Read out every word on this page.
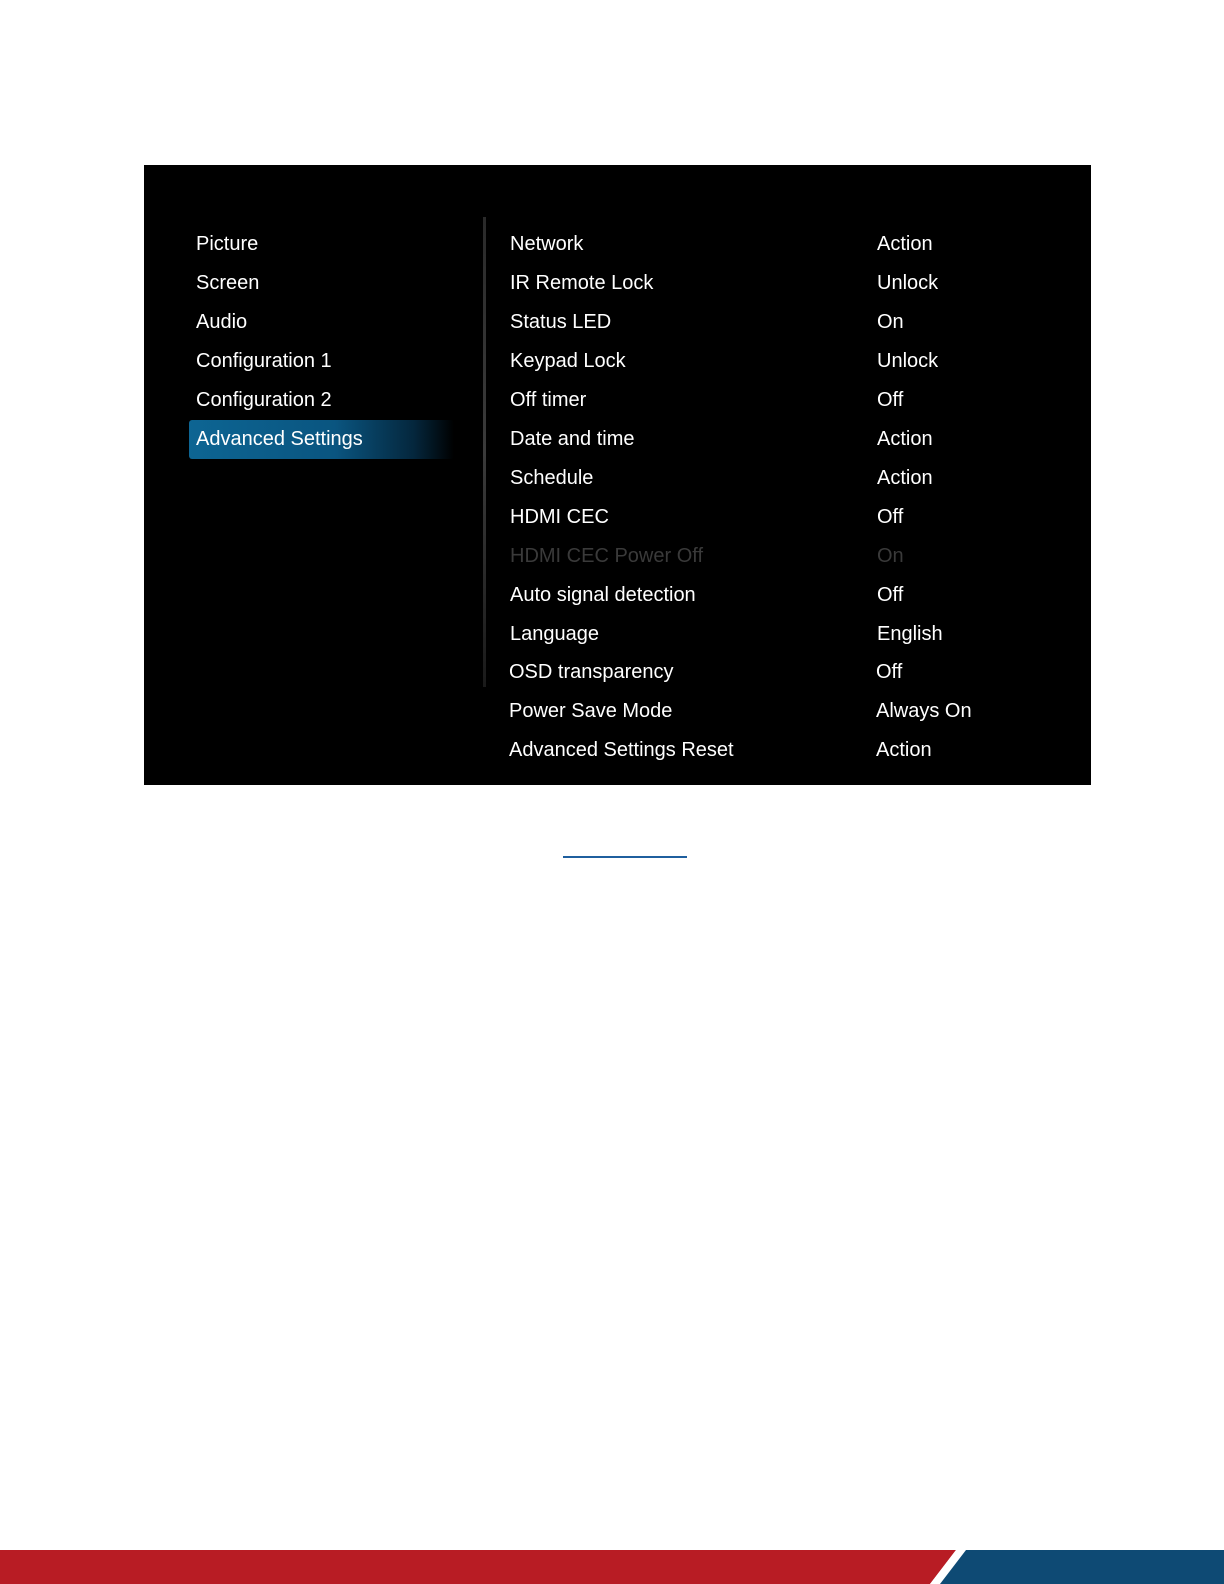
Picture
Screen
Audio
Configuration 1
Configuration 2
Advanced Settings
Network	Action
IR Remote Lock	Unlock
Status LED	On
Keypad Lock	Unlock
Off timer	Off
Date and time	Action
Schedule	Action
HDMI CEC	Off
HDMI CEC Power Off	On
Auto signal detection	Off
Language	English
OSD transparency	Off
Power Save Mode	Always On
Advanced Settings Reset	Action
